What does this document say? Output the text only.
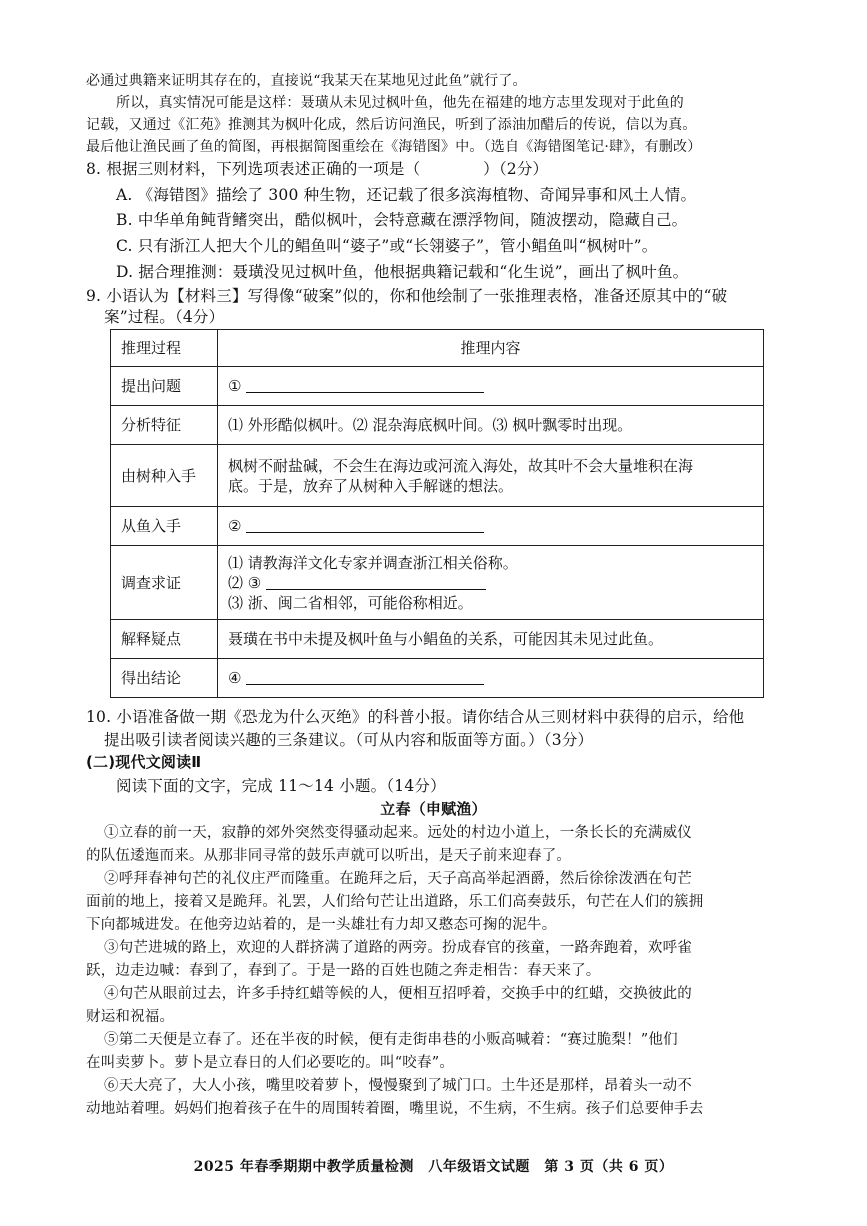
必通过典籍来证明其存在的，直接说“我某天在某地见过此鱼”就行了。
所以，真实情况可能是这样：聂璜从未见过枫叶鱼，他先在福建的地方志里发现对于此鱼的
记载，又通过《汇苑》推测其为枫叶化成，然后访问渔民，听到了添油加醋后的传说，信以为真。
最后他让渔民画了鱼的简图，再根据简图重绘在《海错图》中。（选自《海错图笔记·肆》，有删改）
8. 根据三则材料，下列选项表述正确的一项是（　　　　）（2分）
A. 《海错图》描绘了 300 种生物，还记载了很多滨海植物、奇闻异事和风土人情。
B. 中华单角鲀背鳍突出，酷似枫叶，会特意藏在漂浮物间，随波摆动，隐藏自己。
C. 只有浙江人把大个儿的鲳鱼叫“婆子”或“长翎婆子”，管小鲳鱼叫“枫树叶”。
D. 据合理推测：聂璜没见过枫叶鱼，他根据典籍记载和“化生说”，画出了枫叶鱼。
9. 小语认为【材料三】写得像“破案”似的，你和他绘制了一张推理表格，准备还原其中的“破
案”过程。（4分）
推理过程	推理内容
提出问题	①
分析特征	⑴ 外形酷似枫叶。⑵ 混杂海底枫叶间。⑶ 枫叶飘零时出现。
由树种入手	枫树不耐盐碱，不会生在海边或河流入海处，故其叶不会大量堆积在海
底。于是，放弃了从树种入手解谜的想法。

从鱼入手	②
调查求证	⑴ 请教海洋文化专家并调查浙江相关俗称。
⑵ ③
⑶ 浙、闽二省相邻，可能俗称相近。

解释疑点	聂璜在书中未提及枫叶鱼与小鲳鱼的关系，可能因其未见过此鱼。
得出结论	④
10. 小语准备做一期《恐龙为什么灭绝》的科普小报。请你结合从三则材料中获得的启示，给他
提出吸引读者阅读兴趣的三条建议。（可从内容和版面等方面。）（3分）
(二)现代文阅读Ⅱ
阅读下面的文字，完成 11～14 小题。（14分）
立春（申赋渔）
①立春的前一天，寂静的郊外突然变得骚动起来。远处的村边小道上，一条长长的充满威仪
的队伍逶迤而来。从那非同寻常的鼓乐声就可以听出，是天子前来迎春了。
②呼拜春神句芒的礼仪庄严而隆重。在跪拜之后，天子高高举起酒爵，然后徐徐泼洒在句芒
面前的地上，接着又是跪拜。礼罢，人们给句芒让出道路，乐工们高奏鼓乐，句芒在人们的簇拥
下向都城进发。在他旁边站着的，是一头雄壮有力却又憨态可掬的泥牛。
③句芒进城的路上，欢迎的人群挤满了道路的两旁。扮成春官的孩童，一路奔跑着，欢呼雀
跃，边走边喊：春到了，春到了。于是一路的百姓也随之奔走相告：春天来了。
④句芒从眼前过去，许多手持红蜡等候的人，便相互招呼着，交换手中的红蜡，交换彼此的
财运和祝福。
⑤第二天便是立春了。还在半夜的时候，便有走街串巷的小贩高喊着：“赛过脆梨！”他们
在叫卖萝卜。萝卜是立春日的人们必要吃的。叫“咬春”。
⑥天大亮了，大人小孩，嘴里咬着萝卜，慢慢聚到了城门口。土牛还是那样，昂着头一动不
动地站着哩。妈妈们抱着孩子在牛的周围转着圈，嘴里说，不生病，不生病。孩子们总要伸手去
2025 年春季期期中教学质量检测　八年级语文试题　第 3 页（共 6 页）
